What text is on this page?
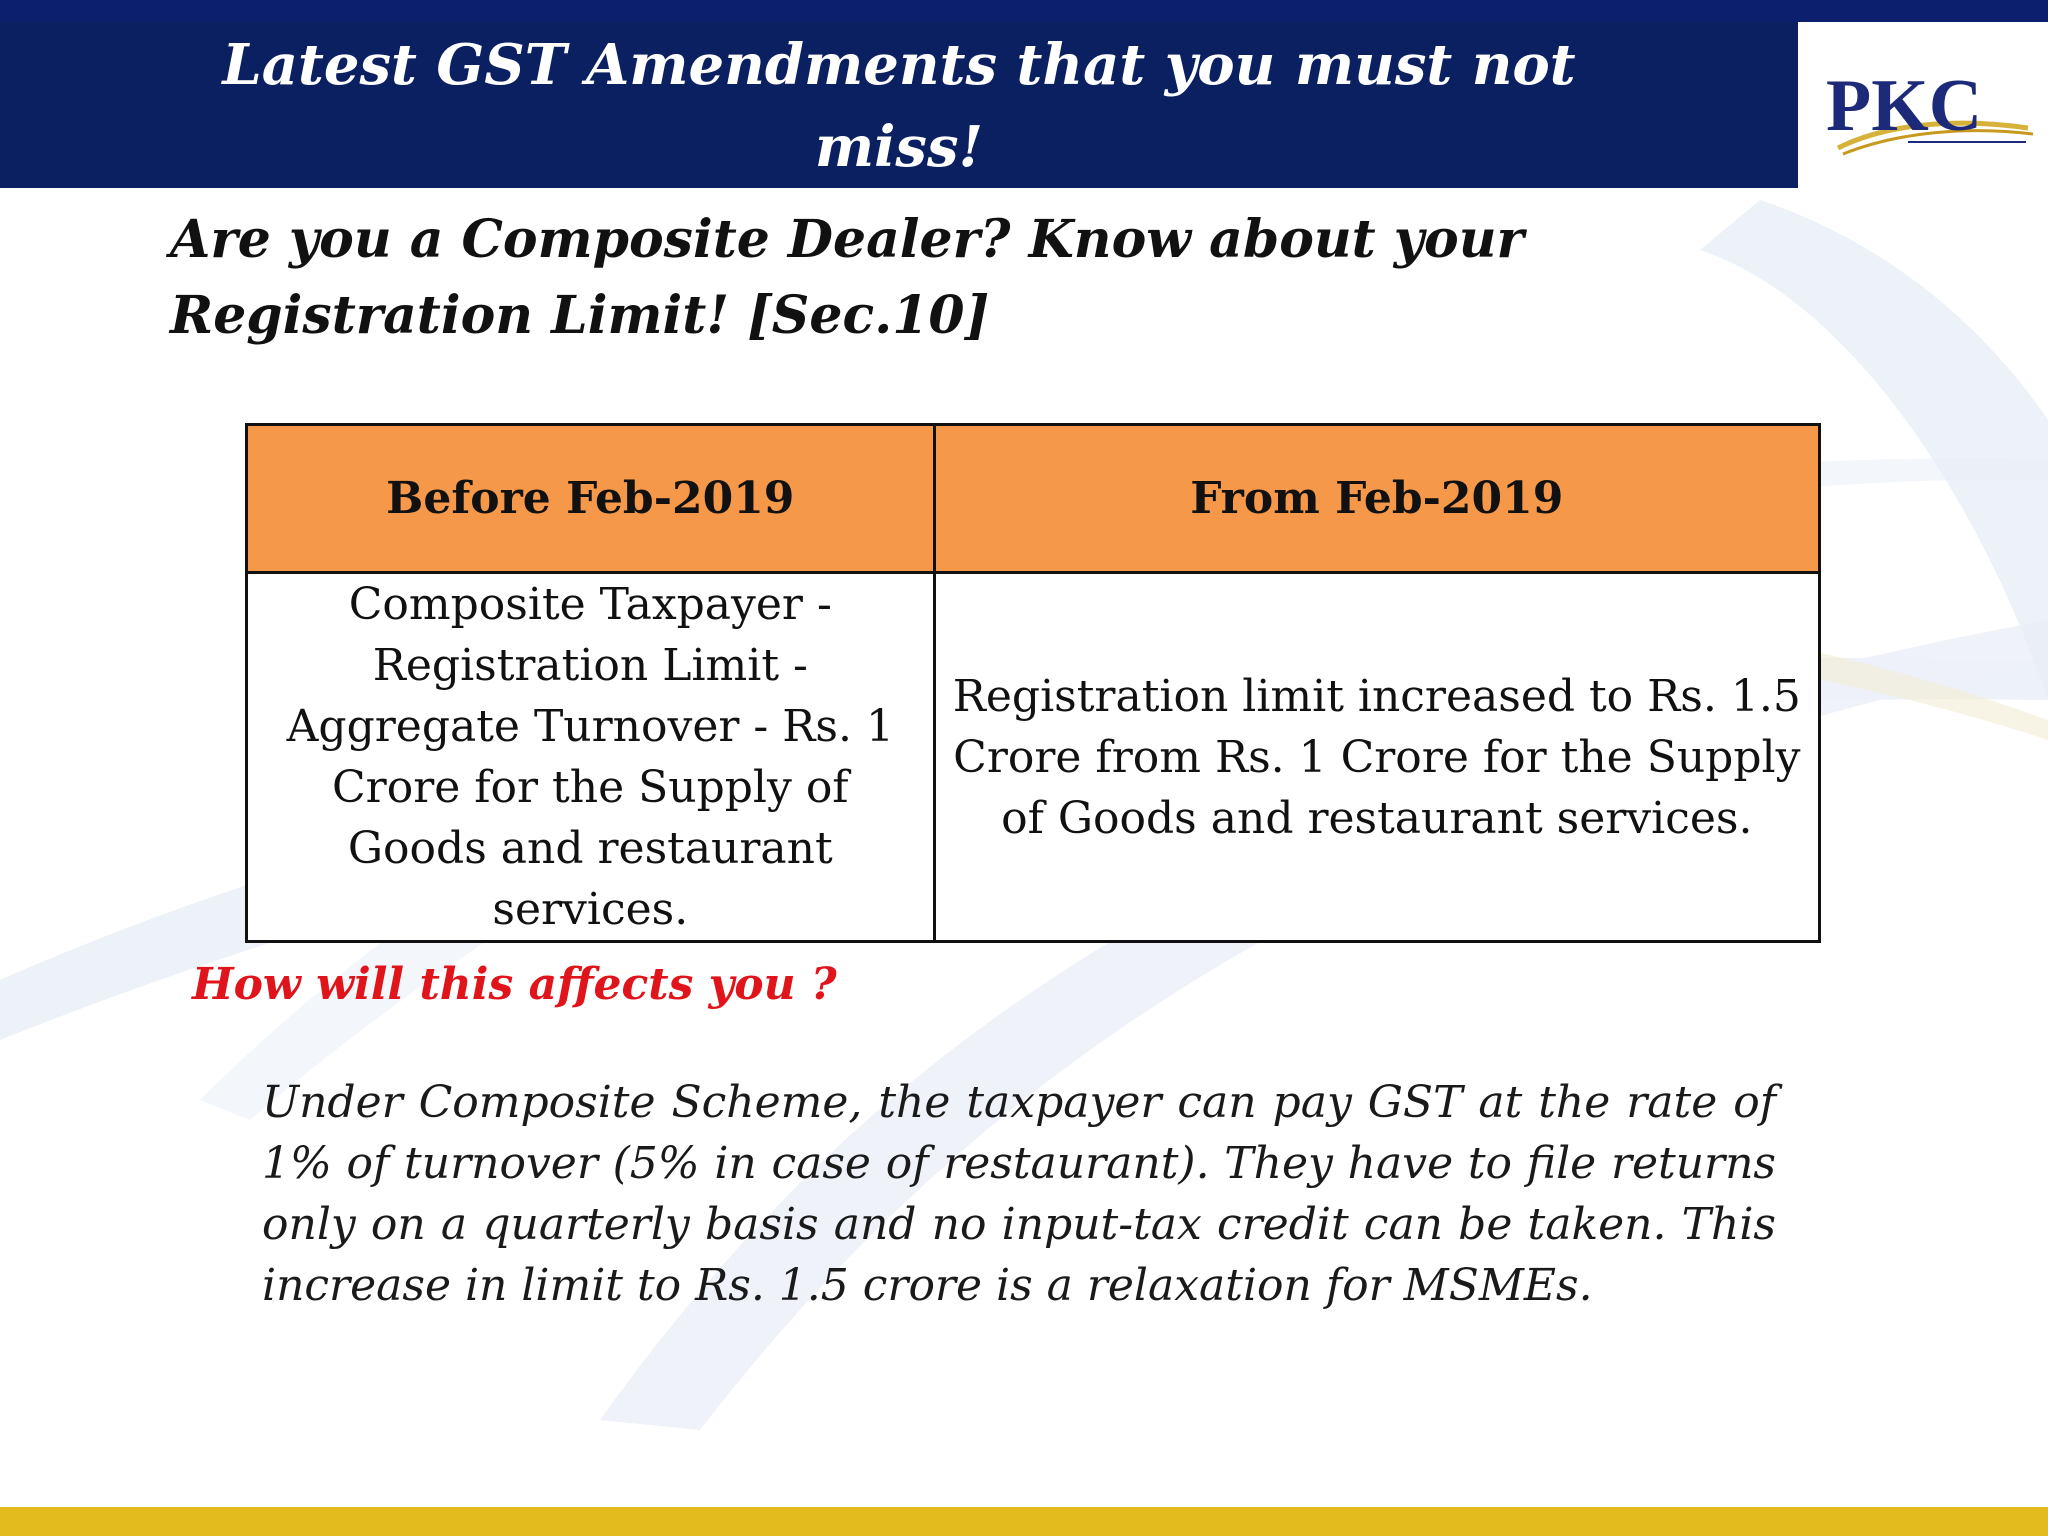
Latest GST Amendments that you must not miss!	PKC
Are you a Composite Dealer? Know about your Registration Limit! [Sec.10]
Before Feb-2019	From Feb-2019
Composite Taxpayer - Registration Limit - Aggregate Turnover - Rs. 1 Crore for the Supply of Goods and restaurant services.	Registration limit increased to Rs. 1.5 Crore from Rs. 1 Crore for the Supply of Goods and restaurant services.
How will this affects you ?

Under Composite Scheme, the taxpayer can pay GST at the rate of 1% of turnover (5% in case of restaurant). They have to file returns only on a quarterly basis and no input-tax credit can be taken. This increase in limit to Rs. 1.5 crore is a relaxation for MSMEs.
